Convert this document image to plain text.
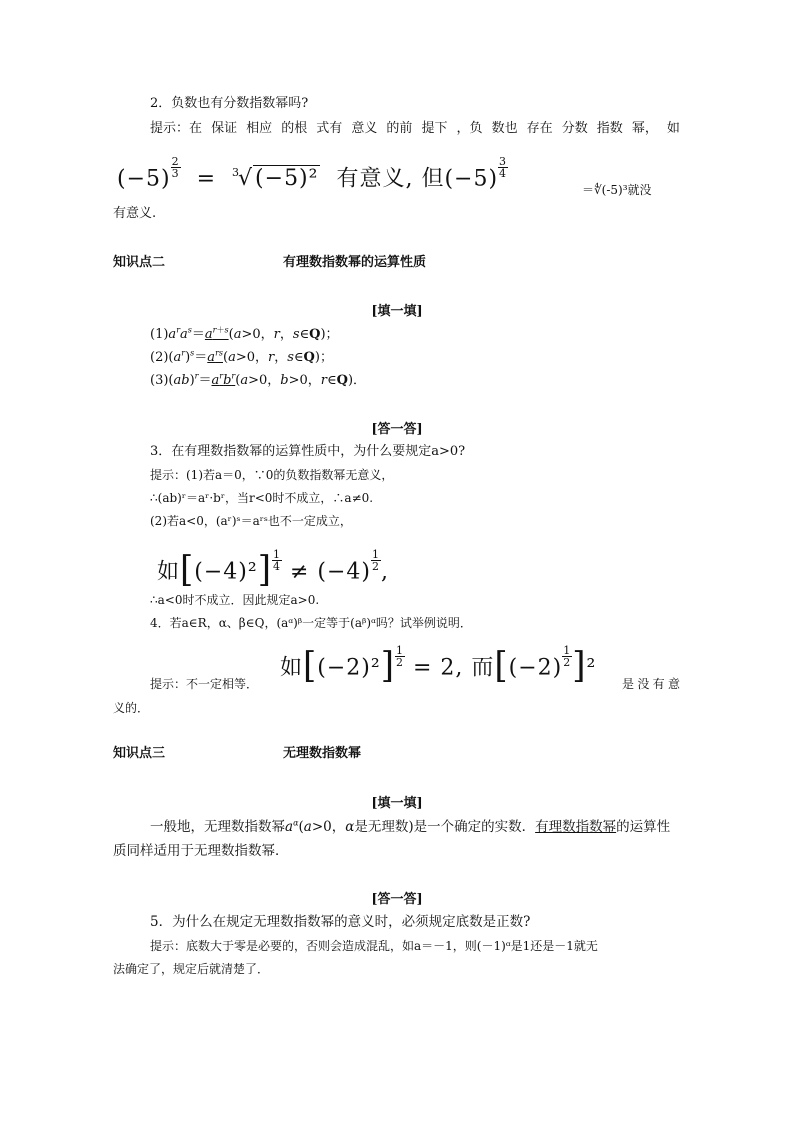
2．负数也有分数指数幂吗?
提示：在 保证 相应 的根 式有 意义 的前 提下 ，负 数也 存在 分数 指数 幂， 如
$(-5) \frac{2}{3} = ^3√(-5)^2$  有意义, 但$(-5) \frac{3}{4}$
＝∜(-5)³就没
有意义.
知识点二	有理数指数幂的运算性质
[填一填]
$(1)a^ra^s=a^{r+s}(a>0$，r，s∈Q)；
$(2)(a^r)^s=a^{rs}(a>0$，r，s∈Q)；
$(3)(ab)^r=a^rb^r(a>0$，b>0，r∈Q)．
[答一答]
3．在有理数指数幂的运算性质中，为什么要规定a>0?
提示：(1)若a＝0，∵0的负数指数幂无意义，
∴(ab)ʳ＝aʳ·bʳ，当r<0时不成立，∴a≠0.
(2)若a<0，(aʳ)ˢ＝aʳˢ也不一定成立，
如$[(-4)^2] \frac{1}{4} \ne (-4) \frac{1}{2}$ ,
∴a<0时不成立．因此规定a>0.
4．若a∈R，α、β∈Q，(aᵅ)ᵝ一定等于(aᵝ)ᵅ吗？试举例说明．
如$[(-2)^2] \frac{1}{2} = 2$, 而$[(-2) \frac{1}{2} ]^2$
提示：不一定相等．	是 没 有 意
义的．
知识点三	无理数指数幂
[填一填]
一般地，无理数指数幂$a^\alpha(a>0$，α是无理数)是一个确定的实数．有理数指数幂的运算性
质同样适用于无理数指数幂．
[答一答]
5．为什么在规定无理数指数幂的意义时，必须规定底数是正数?
提示：底数大于零是必要的，否则会造成混乱，如a＝－1，则(－1)ᵅ是1还是－1就无
法确定了，规定后就清楚了．
